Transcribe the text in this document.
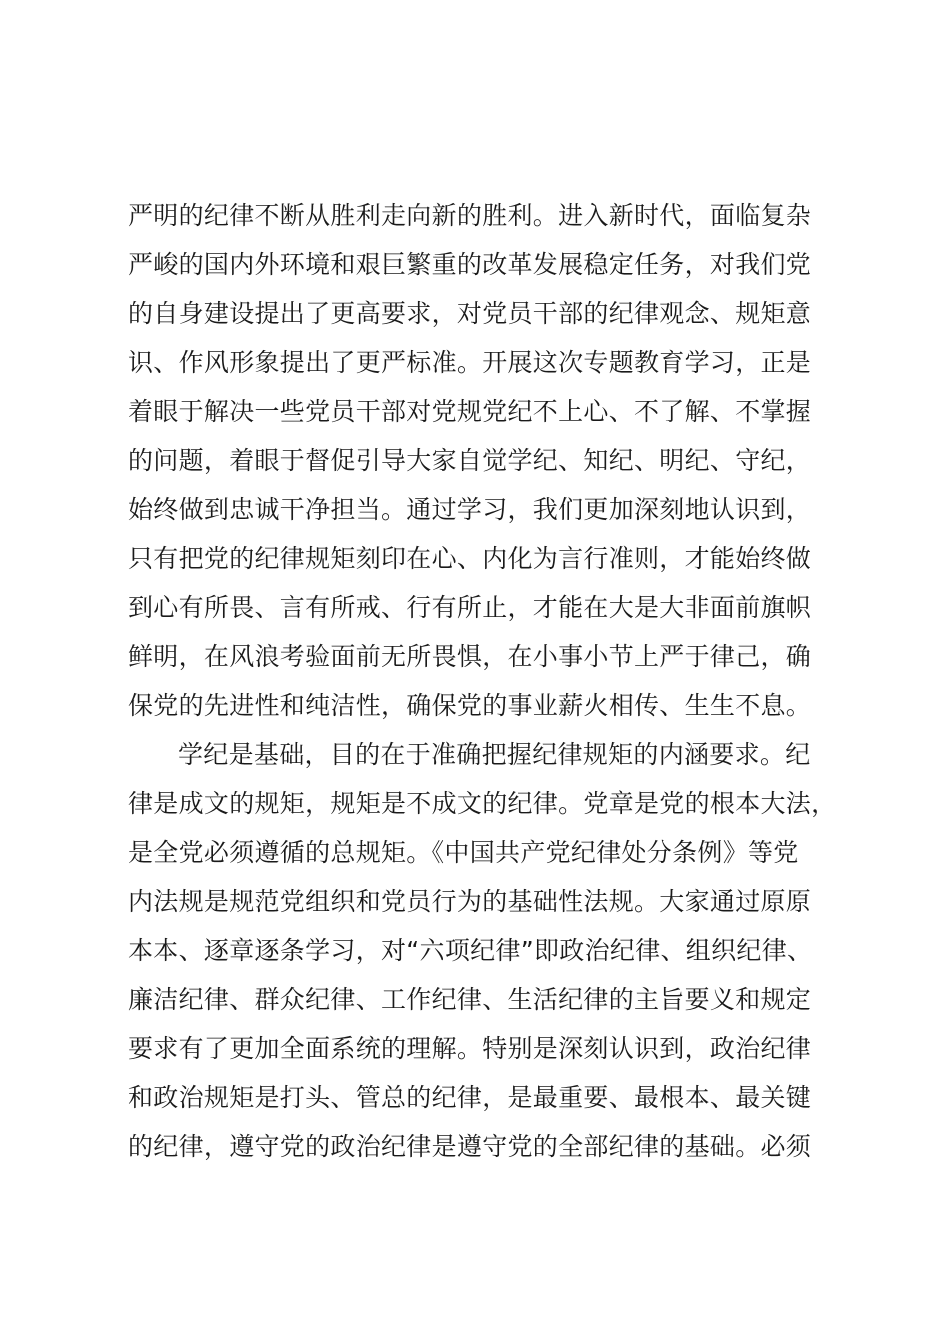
严明的纪律不断从胜利走向新的胜利。进入新时代，面临复杂
严峻的国内外环境和艰巨繁重的改革发展稳定任务，对我们党
的自身建设提出了更高要求，对党员干部的纪律观念、规矩意
识、作风形象提出了更严标准。开展这次专题教育学习，正是
着眼于解决一些党员干部对党规党纪不上心、不了解、不掌握
的问题，着眼于督促引导大家自觉学纪、知纪、明纪、守纪，
始终做到忠诚干净担当。通过学习，我们更加深刻地认识到，
只有把党的纪律规矩刻印在心、内化为言行准则，才能始终做
到心有所畏、言有所戒、行有所止，才能在大是大非面前旗帜
鲜明，在风浪考验面前无所畏惧，在小事小节上严于律己，确
保党的先进性和纯洁性，确保党的事业薪火相传、生生不息。
学纪是基础，目的在于准确把握纪律规矩的内涵要求。纪
律是成文的规矩，规矩是不成文的纪律。党章是党的根本大法，
是全党必须遵循的总规矩。《中国共产党纪律处分条例》等党
内法规是规范党组织和党员行为的基础性法规。大家通过原原
本本、逐章逐条学习，对“六项纪律”即政治纪律、组织纪律、
廉洁纪律、群众纪律、工作纪律、生活纪律的主旨要义和规定
要求有了更加全面系统的理解。特别是深刻认识到，政治纪律
和政治规矩是打头、管总的纪律，是最重要、最根本、最关键
的纪律，遵守党的政治纪律是遵守党的全部纪律的基础。必须
